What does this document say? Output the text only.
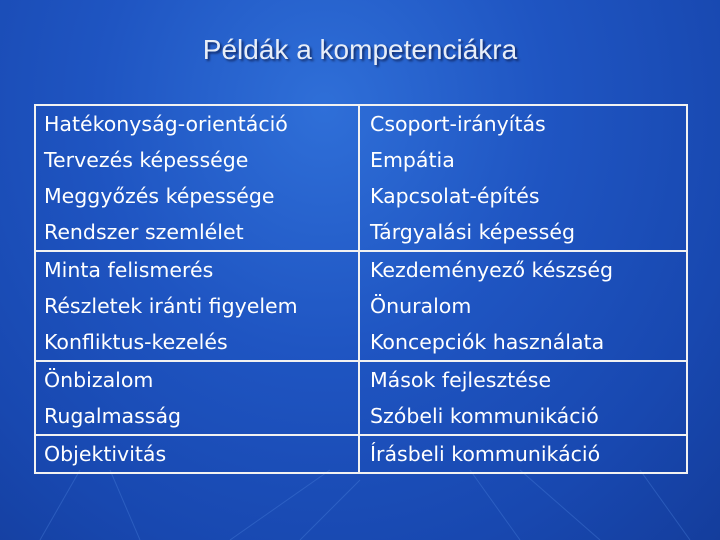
Példák a kompetenciákra
Hatékonyság-orientáció	Csoport-irányítás
Tervezés képessége	Empátia
Meggyőzés képessége	Kapcsolat-építés
Rendszer szemlélet	Tárgyalási képesség
Minta felismerés	Kezdeményező készség
Részletek iránti figyelem	Önuralom
Konfliktus-kezelés	Koncepciók használata
Önbizalom	Mások fejlesztése
Rugalmasság	Szóbeli kommunikáció
Objektivitás	Írásbeli kommunikáció
